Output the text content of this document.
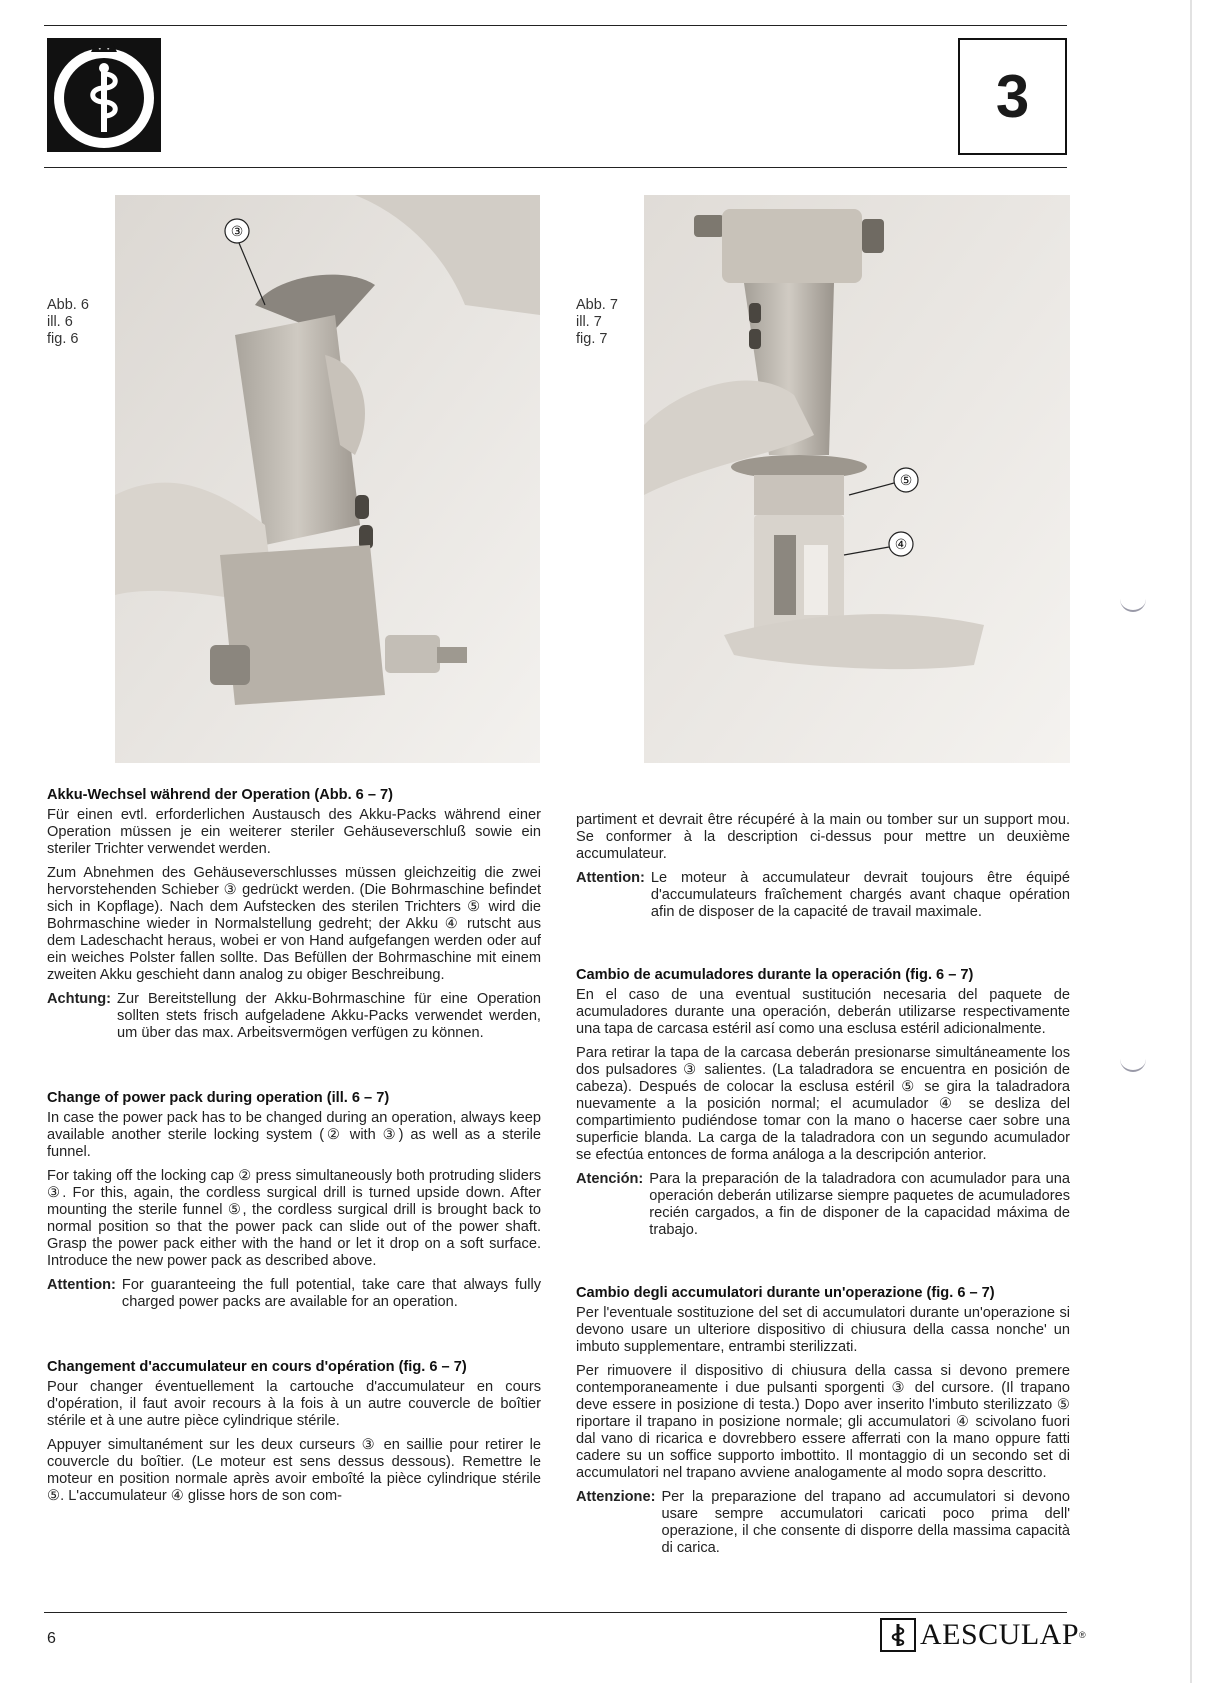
3
Abb. 6
ill. 6
fig. 6
③
Abb. 7
ill. 7
fig. 7
⑤
④
Akku-Wechsel während der Operation (Abb. 6 – 7)

Für einen evtl. erforderlichen Austausch des Akku-Packs während einer Operation müssen je ein weiterer steriler Gehäuseverschluß sowie ein steriler Trichter verwendet werden.

Zum Abnehmen des Gehäuseverschlusses müssen gleichzeitig die zwei hervorstehenden Schieber ③ gedrückt werden. (Die Bohrmaschine befindet sich in Kopflage). Nach dem Aufstecken des sterilen Trichters ⑤ wird die Bohrmaschine wieder in Normalstellung gedreht; der Akku ④ rutscht aus dem Ladeschacht heraus, wobei er von Hand aufgefangen werden oder auf ein weiches Polster fallen sollte. Das Befüllen der Bohrmaschine mit einem zweiten Akku geschieht dann analog zu obiger Beschreibung.

Achtung: Zur Bereitstellung der Akku-Bohrmaschine für eine Operation sollten stets frisch aufgeladene Akku-Packs verwendet werden, um über das max. Arbeitsvermögen verfügen zu können.
Change of power pack during operation (ill. 6 – 7)

In case the power pack has to be changed during an operation, always keep available another sterile locking system (② with ③) as well as a sterile funnel.

For taking off the locking cap ② press simultaneously both protruding sliders ③. For this, again, the cordless surgical drill is turned upside down. After mounting the sterile funnel ⑤, the cordless surgical drill is brought back to normal position so that the power pack can slide out of the power shaft. Grasp the power pack either with the hand or let it drop on a soft surface. Introduce the new power pack as described above.

Attention: For guaranteeing the full potential, take care that always fully charged power packs are available for an operation.
Changement d'accumulateur en cours d'opération (fig. 6 – 7)

Pour changer éventuellement la cartouche d'accumulateur en cours d'opération, il faut avoir recours à la fois à un autre couvercle de boîtier stérile et à une autre pièce cylindrique stérile.

Appuyer simultanément sur les deux curseurs ③ en saillie pour retirer le couvercle du boîtier. (Le moteur est sens dessus dessous). Remettre le moteur en position normale après avoir emboîté la pièce cylindrique stérile ⑤. L'accumulateur ④ glisse hors de son com-

partiment et devrait être récupéré à la main ou tomber sur un support mou. Se conformer à la description ci-dessus pour mettre un deuxième accumulateur.

Attention: Le moteur à accumulateur devrait toujours être équipé d'accumulateurs fraîchement chargés avant chaque opération afin de disposer de la capacité de travail maximale.
Cambio de acumuladores durante la operación (fig. 6 – 7)

En el caso de una eventual sustitución necesaria del paquete de acumuladores durante una operación, deberán utilizarse respectivamente una tapa de carcasa estéril así como una esclusa estéril adicionalmente.

Para retirar la tapa de la carcasa deberán presionarse simultáneamente los dos pulsadores ③ salientes. (La taladradora se encuentra en posición de cabeza). Después de colocar la esclusa estéril ⑤ se gira la taladradora nuevamente a la posición normal; el acumulador ④ se desliza del compartimiento pudiéndose tomar con la mano o hacerse caer sobre una superficie blanda. La carga de la taladradora con un segundo acumulador se efectúa entonces de forma análoga a la descripción anterior.

Atención: Para la preparación de la taladradora con acumulador para una operación deberán utilizarse siempre paquetes de acumuladores recién cargados, a fin de disponer de la capacidad máxima de trabajo.
Cambio degli accumulatori durante un'operazione (fig. 6 – 7)

Per l'eventuale sostituzione del set di accumulatori durante un'operazione si devono usare un ulteriore dispositivo di chiusura della cassa nonche' un imbuto supplementare, entrambi sterilizzati.

Per rimuovere il dispositivo di chiusura della cassa si devono premere contemporaneamente i due pulsanti sporgenti ③ del cursore. (Il trapano deve essere in posizione di testa.) Dopo aver inserito l'imbuto sterilizzato ⑤ riportare il trapano in posizione normale; gli accumulatori ④ scivolano fuori dal vano di ricarica e dovrebbero essere afferrati con la mano oppure fatti cadere su un soffice supporto imbottito. Il montaggio di un secondo set di accumulatori nel trapano avviene analogamente al modo sopra descritto.

Attenzione: Per la preparazione del trapano ad accumulatori si devono usare sempre accumulatori caricati poco prima dell' operazione, il che consente di disporre della massima capacità di carica.
6	AESCULAP ®
